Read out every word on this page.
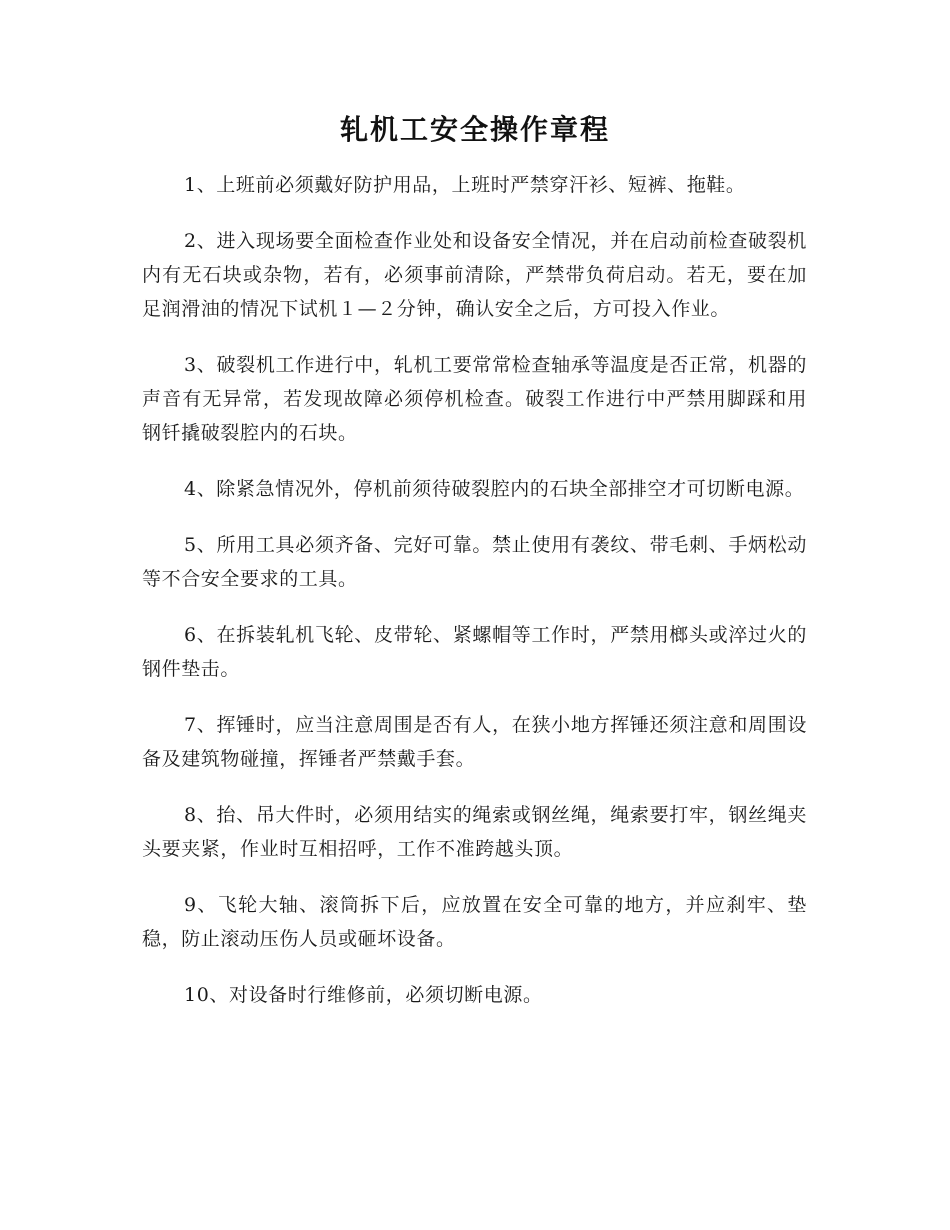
轧机工安全操作章程

1、上班前必须戴好防护用品，上班时严禁穿汗衫、短裤、拖鞋。

2、进入现场要全面检查作业处和设备安全情况，并在启动前检查破裂机内有无石块或杂物，若有，必须事前清除，严禁带负荷启动。若无，要在加足润滑油的情况下试机１—２分钟，确认安全之后，方可投入作业。

3、破裂机工作进行中，轧机工要常常检查轴承等温度是否正常，机器的声音有无异常，若发现故障必须停机检查。破裂工作进行中严禁用脚踩和用钢钎撬破裂腔内的石块。

4、除紧急情况外，停机前须待破裂腔内的石块全部排空才可切断电源。

5、所用工具必须齐备、完好可靠。禁止使用有袭纹、带毛刺、手炳松动等不合安全要求的工具。

6、在拆装轧机飞轮、皮带轮、紧螺帽等工作时，严禁用榔头或淬过火的钢件垫击。

7、挥锤时，应当注意周围是否有人，在狭小地方挥锤还须注意和周围设备及建筑物碰撞，挥锤者严禁戴手套。

8、抬、吊大件时，必须用结实的绳索或钢丝绳，绳索要打牢，钢丝绳夹头要夹紧，作业时互相招呼，工作不准跨越头顶。

9、飞轮大轴、滚筒拆下后，应放置在安全可靠的地方，并应刹牢、垫稳，防止滚动压伤人员或砸坏设备。

10、对设备时行维修前，必须切断电源。
